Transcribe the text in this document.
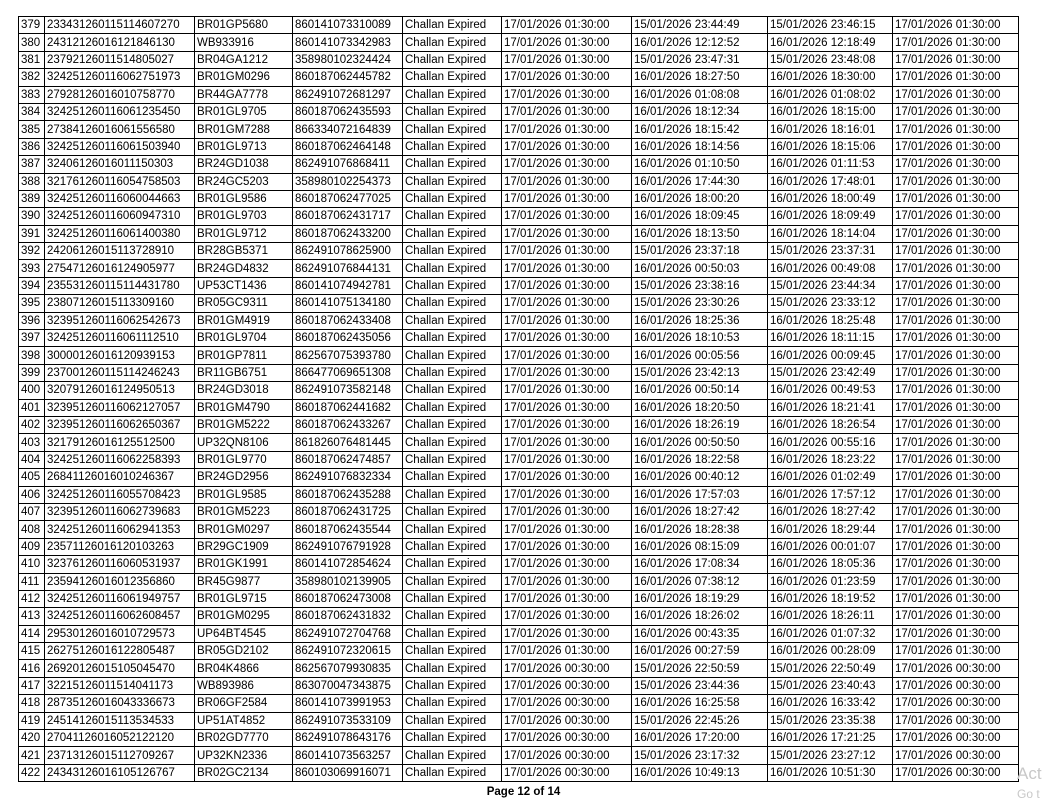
379	233431260115114607270	BR01GP5680	860141073310089	Challan Expired	17/01/2026 01:30:00	15/01/2026 23:44:49	15/01/2026 23:46:15	17/01/2026 01:30:00
380	24312126016121846130	WB933916	860141073342983	Challan Expired	17/01/2026 01:30:00	16/01/2026 12:12:52	16/01/2026 12:18:49	17/01/2026 01:30:00
381	23792126011514805027	BR04GA1212	358980102324424	Challan Expired	17/01/2026 01:30:00	15/01/2026 23:47:31	15/01/2026 23:48:08	17/01/2026 01:30:00
382	324251260116062751973	BR01GM0296	860187062445782	Challan Expired	17/01/2026 01:30:00	16/01/2026 18:27:50	16/01/2026 18:30:00	17/01/2026 01:30:00
383	27928126016010758770	BR44GA7778	862491072681297	Challan Expired	17/01/2026 01:30:00	16/01/2026 01:08:08	16/01/2026 01:08:02	17/01/2026 01:30:00
384	324251260116061235450	BR01GL9705	860187062435593	Challan Expired	17/01/2026 01:30:00	16/01/2026 18:12:34	16/01/2026 18:15:00	17/01/2026 01:30:00
385	27384126016061556580	BR01GM7288	866334072164839	Challan Expired	17/01/2026 01:30:00	16/01/2026 18:15:42	16/01/2026 18:16:01	17/01/2026 01:30:00
386	324251260116061503940	BR01GL9713	860187062464148	Challan Expired	17/01/2026 01:30:00	16/01/2026 18:14:56	16/01/2026 18:15:06	17/01/2026 01:30:00
387	32406126016011150303	BR24GD1038	862491076868411	Challan Expired	17/01/2026 01:30:00	16/01/2026 01:10:50	16/01/2026 01:11:53	17/01/2026 01:30:00
388	321761260116054758503	BR24GC5203	358980102254373	Challan Expired	17/01/2026 01:30:00	16/01/2026 17:44:30	16/01/2026 17:48:01	17/01/2026 01:30:00
389	324251260116060044663	BR01GL9586	860187062477025	Challan Expired	17/01/2026 01:30:00	16/01/2026 18:00:20	16/01/2026 18:00:49	17/01/2026 01:30:00
390	324251260116060947310	BR01GL9703	860187062431717	Challan Expired	17/01/2026 01:30:00	16/01/2026 18:09:45	16/01/2026 18:09:49	17/01/2026 01:30:00
391	324251260116061400380	BR01GL9712	860187062433200	Challan Expired	17/01/2026 01:30:00	16/01/2026 18:13:50	16/01/2026 18:14:04	17/01/2026 01:30:00
392	24206126015113728910	BR28GB5371	862491078625900	Challan Expired	17/01/2026 01:30:00	15/01/2026 23:37:18	15/01/2026 23:37:31	17/01/2026 01:30:00
393	27547126016124905977	BR24GD4832	862491076844131	Challan Expired	17/01/2026 01:30:00	16/01/2026 00:50:03	16/01/2026 00:49:08	17/01/2026 01:30:00
394	235531260115114431780	UP53CT1436	860141074942781	Challan Expired	17/01/2026 01:30:00	15/01/2026 23:38:16	15/01/2026 23:44:34	17/01/2026 01:30:00
395	23807126015113309160	BR05GC9311	860141075134180	Challan Expired	17/01/2026 01:30:00	15/01/2026 23:30:26	15/01/2026 23:33:12	17/01/2026 01:30:00
396	323951260116062542673	BR01GM4919	860187062433408	Challan Expired	17/01/2026 01:30:00	16/01/2026 18:25:36	16/01/2026 18:25:48	17/01/2026 01:30:00
397	324251260116061112510	BR01GL9704	860187062435056	Challan Expired	17/01/2026 01:30:00	16/01/2026 18:10:53	16/01/2026 18:11:15	17/01/2026 01:30:00
398	30000126016120939153	BR01GP7811	862567075393780	Challan Expired	17/01/2026 01:30:00	16/01/2026 00:05:56	16/01/2026 00:09:45	17/01/2026 01:30:00
399	237001260115114246243	BR11GB6751	866477069651308	Challan Expired	17/01/2026 01:30:00	15/01/2026 23:42:13	15/01/2026 23:42:49	17/01/2026 01:30:00
400	32079126016124950513	BR24GD3018	862491073582148	Challan Expired	17/01/2026 01:30:00	16/01/2026 00:50:14	16/01/2026 00:49:53	17/01/2026 01:30:00
401	323951260116062127057	BR01GM4790	860187062441682	Challan Expired	17/01/2026 01:30:00	16/01/2026 18:20:50	16/01/2026 18:21:41	17/01/2026 01:30:00
402	323951260116062650367	BR01GM5222	860187062433267	Challan Expired	17/01/2026 01:30:00	16/01/2026 18:26:19	16/01/2026 18:26:54	17/01/2026 01:30:00
403	32179126016125512500	UP32QN8106	861826076481445	Challan Expired	17/01/2026 01:30:00	16/01/2026 00:50:50	16/01/2026 00:55:16	17/01/2026 01:30:00
404	324251260116062258393	BR01GL9770	860187062474857	Challan Expired	17/01/2026 01:30:00	16/01/2026 18:22:58	16/01/2026 18:23:22	17/01/2026 01:30:00
405	26841126016010246367	BR24GD2956	862491076832334	Challan Expired	17/01/2026 01:30:00	16/01/2026 00:40:12	16/01/2026 01:02:49	17/01/2026 01:30:00
406	324251260116055708423	BR01GL9585	860187062435288	Challan Expired	17/01/2026 01:30:00	16/01/2026 17:57:03	16/01/2026 17:57:12	17/01/2026 01:30:00
407	323951260116062739683	BR01GM5223	860187062431725	Challan Expired	17/01/2026 01:30:00	16/01/2026 18:27:42	16/01/2026 18:27:42	17/01/2026 01:30:00
408	324251260116062941353	BR01GM0297	860187062435544	Challan Expired	17/01/2026 01:30:00	16/01/2026 18:28:38	16/01/2026 18:29:44	17/01/2026 01:30:00
409	23571126016120103263	BR29GC1909	862491076791928	Challan Expired	17/01/2026 01:30:00	16/01/2026 08:15:09	16/01/2026 00:01:07	17/01/2026 01:30:00
410	323761260116060531937	BR01GK1991	860141072854624	Challan Expired	17/01/2026 01:30:00	16/01/2026 17:08:34	16/01/2026 18:05:36	17/01/2026 01:30:00
411	23594126016012356860	BR45G9877	358980102139905	Challan Expired	17/01/2026 01:30:00	16/01/2026 07:38:12	16/01/2026 01:23:59	17/01/2026 01:30:00
412	324251260116061949757	BR01GL9715	860187062473008	Challan Expired	17/01/2026 01:30:00	16/01/2026 18:19:29	16/01/2026 18:19:52	17/01/2026 01:30:00
413	324251260116062608457	BR01GM0295	860187062431832	Challan Expired	17/01/2026 01:30:00	16/01/2026 18:26:02	16/01/2026 18:26:11	17/01/2026 01:30:00
414	29530126016010729573	UP64BT4545	862491072704768	Challan Expired	17/01/2026 01:30:00	16/01/2026 00:43:35	16/01/2026 01:07:32	17/01/2026 01:30:00
415	26275126016122805487	BR05GD2102	862491072320615	Challan Expired	17/01/2026 01:30:00	16/01/2026 00:27:59	16/01/2026 00:28:09	17/01/2026 01:30:00
416	26920126015105045470	BR04K4866	862567079930835	Challan Expired	17/01/2026 00:30:00	15/01/2026 22:50:59	15/01/2026 22:50:49	17/01/2026 00:30:00
417	32215126011514041173	WB893986	863070047343875	Challan Expired	17/01/2026 00:30:00	15/01/2026 23:44:36	15/01/2026 23:40:43	17/01/2026 00:30:00
418	28735126016043336673	BR06GF2584	860141073991953	Challan Expired	17/01/2026 00:30:00	16/01/2026 16:25:58	16/01/2026 16:33:42	17/01/2026 00:30:00
419	24514126015113534533	UP51AT4852	862491073533109	Challan Expired	17/01/2026 00:30:00	15/01/2026 22:45:26	15/01/2026 23:35:38	17/01/2026 00:30:00
420	27041126016052122120	BR02GD7770	862491078643176	Challan Expired	17/01/2026 00:30:00	16/01/2026 17:20:00	16/01/2026 17:21:25	17/01/2026 00:30:00
421	23713126015112709267	UP32KN2336	860141073563257	Challan Expired	17/01/2026 00:30:00	15/01/2026 23:17:32	15/01/2026 23:27:12	17/01/2026 00:30:00
422	24343126016105126767	BR02GC2134	860103069916071	Challan Expired	17/01/2026 00:30:00	16/01/2026 10:49:13	16/01/2026 10:51:30	17/01/2026 00:30:00
Page 12 of 14
Act
Go t
